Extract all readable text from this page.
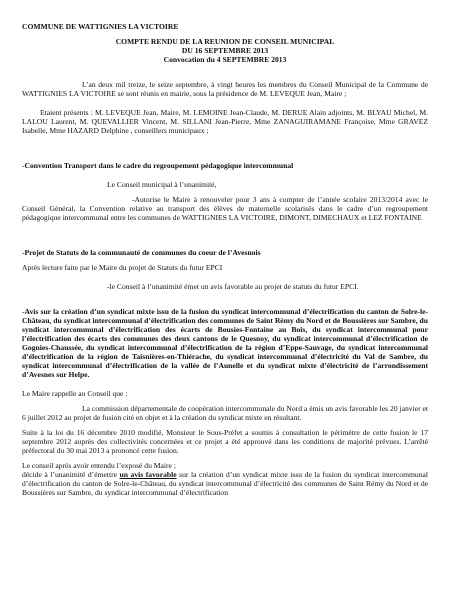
COMMUNE DE WATTIGNIES LA VICTOIRE

COMPTE RENDU DE LA REUNION DE CONSEIL MUNICIPAL

DU 16 SEPTEMBRE 2013

Convocation du 4 SEPTEMBRE 2013

L’an deux mil treize, le seize septembre, à vingt heures les membres du Conseil Municipal de la Commune de WATTIGNIES LA VICTOIRE se sont réunis en mairie, sous la présidence de M. LEVEQUE Jean, Maire ;

Etaient présents : M. LEVEQUE Jean, Maire, M. LEMOINE Jean-Claude, M. DERUE Alain adjoints, M. BLYAU Michel, M. LALOU Laurent, M. QUEVALLIER Vincent, M. SILLANI Jean-Pierre, Mme ZANAGUIRAMANE Françoise, Mme GRAVEZ Isabelle, Mme HAZARD Delphine , conseillers municipaux ;

-Convention Transport dans le cadre du regroupement pédagogique intercommunal

Le Conseil municipal à l’unanimité,

-Autorise le Maire à renouveler pour 3 ans à compter de l’année scolaire 2013/2014 avec le Conseil Général, la Convention relative au transport des élèves de maternelle scolarisés dans le cadre d’un regroupement pédagogique intercommunal entre les communes de WATTIGNIES LA VICTOIRE, DIMONT, DIMECHAUX et LEZ FONTAINE

-Projet de Statuts de la communauté de communes du coeur de l’Avesnois

Après lecture faite par le Maire du projet de Statuts du futur EPCI

-le Conseil à l’unanimité émet un avis favorable au projet de statuts du futur EPCI.

-Avis sur la création d’un syndicat mixte issu de la fusion du syndicat intercommunal d’électrification du canton de Solre-le-Château, du syndicat intercommunal d’électrification des communes de Saint Rémy du Nord et de Boussières sur Sambre, du syndicat intercommunal d’électrification des écarts de Bousies-Fontaine au Bois, du syndicat intercommunal pour l’électrification des écarts des communes des deux cantons de le Quesnoy, du syndicat intercommunal d’électrification de Gognies-Chaussée, du syndicat intercommunal d’électrification de la région d’Eppe-Sauvage, du syndicat intercommunal d’électrification de la région de Taisnières-en-Thiérache, du syndicat intercommunal d’électricité du Val de Sambre, du syndicat intercommunal d’électrification de la vallée de l’Aunelle et du syndicat mixte d’électricité de l’arrondissement d’Avesnes sur Helpe.

Le Maire rappelle au Conseil que :

La commission départementale de coopération intercommunale du Nord a émis un avis favorable les 20 janvier et 6 juillet 2012 au projet de fusion cité en objet et à la création du syndicat mixte en résultant.

Suite à la loi du 16 décembre 2010 modifié, Monsieur le Sous-Préfet a soumis à consultation le périmètre de cette fusion le 17 septembre 2012 auprès des collectivités concernées et ce projet a été approuvé dans les conditions de majorité prévues. L’arrêté préfectoral du 30 mai 2013 a prononcé cette fusion.

Le conseil après avoir entendu l’exposé du Maire ;

décide à l’unanimité d’émettre un avis favorable sur la création d’un syndicat mixte issu de la fusion du syndicat intercommunal d’électrification du canton de Solre-le-Château, du syndicat intercommunal d’électricité des communes de Saint Rémy du Nord et de Boussières sur Sambre, du syndicat intercommunal d’électrification
